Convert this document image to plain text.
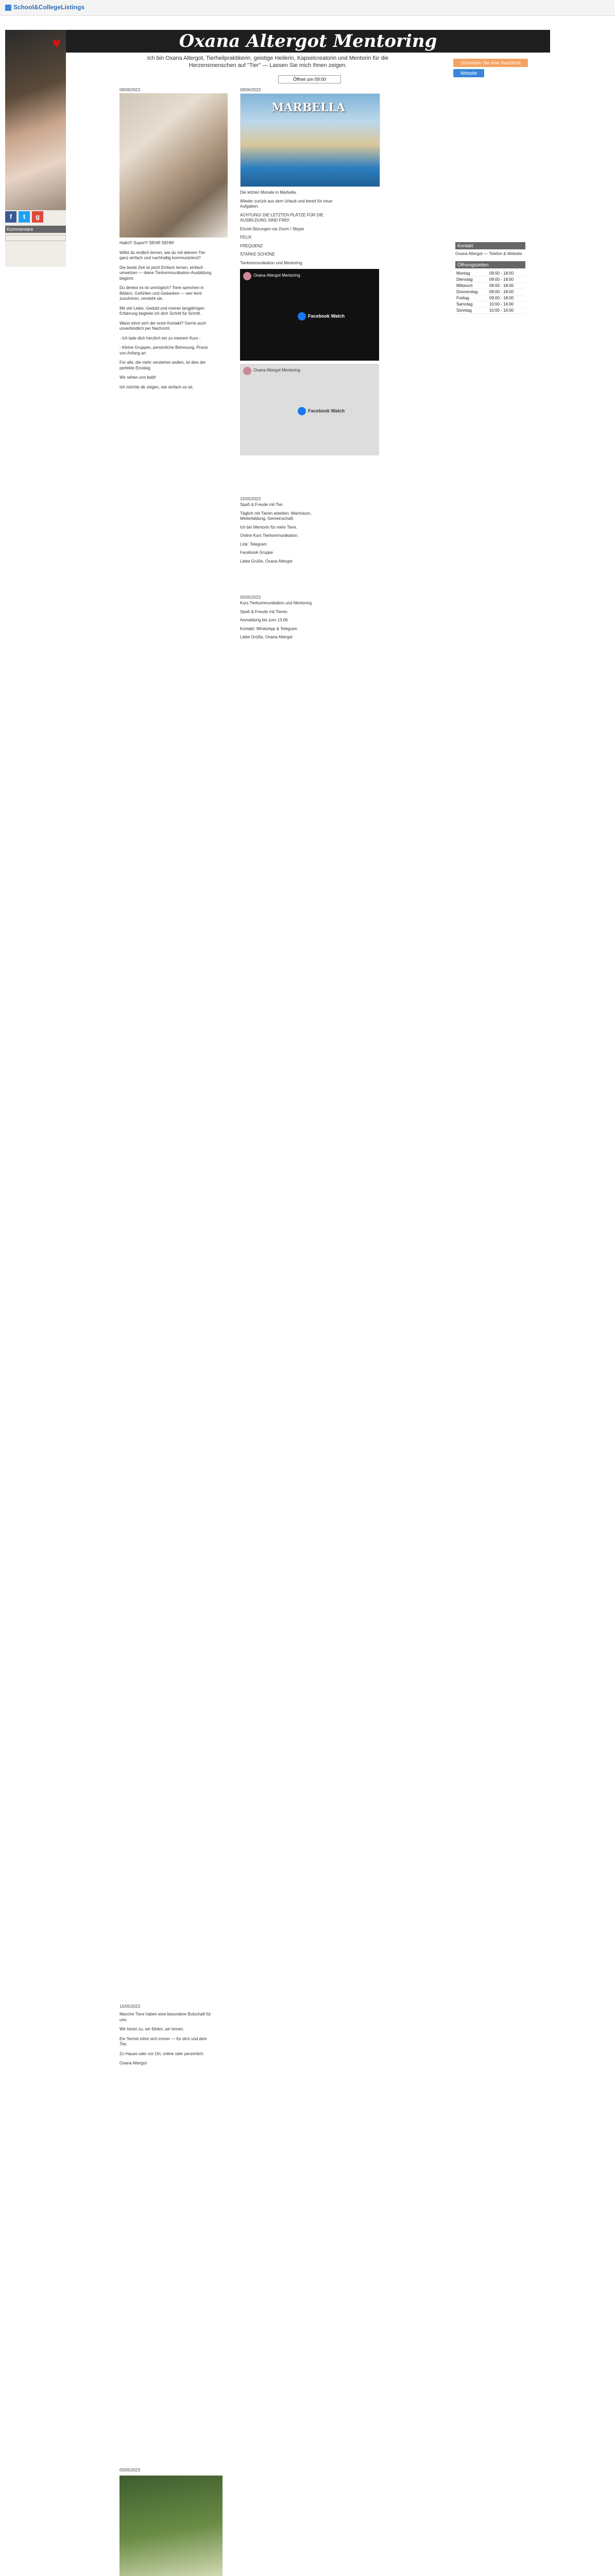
School&CollegeListings
♥
f t g
Kommentare
Oxana Altergot Mentoring
Ich bin Oxana Altergot, Tierheilpraktikerin, geistige Heilerin, Kapselcreatorin und Mentorin für die Herzensmenschen auf "Tier" — Lassen Sie mich Ihnen zeigen.	Schreiben Sie eine Nachricht
Website
Öffnet um 09:00
09/06/2023

Hallo!!! Super!!! SEHR SEHR!

Willst du endlich lernen, wie du mit deinem Tier ganz einfach und nachhaltig kommunizierst?

Die beste Zeit ist jetzt! Einfach lernen, einfach umsetzen — deine Tierkommunikation-Ausbildung beginnt.

Du denkst es ist unmöglich? Tiere sprechen in Bildern, Gefühlen und Gedanken — wer lernt zuzuhören, versteht sie.

Mit viel Liebe, Geduld und meiner langjährigen Erfahrung begleite ich dich Schritt für Schritt.

Wann lohnt sich der erste Kontakt? Gerne auch unverbindlich per Nachricht.

- Ich lade dich herzlich ein zu meinem Kurs -

- Kleine Gruppen, persönliche Betreuung, Praxis von Anfang an

Für alle, die mehr verstehen wollen, ist dies der perfekte Einstieg.

Wir sehen uns bald!

Ich möchte dir zeigen, wie einfach es ist.

15/05/2023

Manche Tiere haben eine besondere Botschaft für uns.

Wir hören zu, wir fühlen, wir lernen.

Ein Termin lohnt sich immer — für dich und dein Tier.

Zu Hause oder vor Ort, online oder persönlich.

Oxana Altergot

05/05/2023

09/06/2023
MARBELLA

Die letzten Monate in Marbella.

Wieder zurück aus dem Urlaub und bereit für neue Aufgaben.

ACHTUNG! DIE LETZTEN PLÄTZE FÜR DIE AUSBILDUNG SIND FREI!

Einzel-Sitzungen via Zoom / Skype

FELIX

FREQUENZ

STARKE SCHÖNE

Tierkommunikation und Mentoring

Oxana Altergot Mentoring
Facebook Watch
Oxana Altergot Mentoring
Facebook Watch
15/05/2023

Spaß & Freude mit Tier.

Täglich mit Tieren arbeiten: Wachstum, Weiterbildung, Gemeinschaft.

Ich bin Mentorin für mehr Tiere.

Online Kurs Tierkommunikation.

Link: Telegram

Facebook Gruppe

Liebe Grüße, Oxana Altergot

05/05/2023

Kurs Tierkommunikation und Mentoring

Spaß & Freude mit Tieren.

Anmeldung bis zum 13.06.

Kontakt: WhatsApp & Telegram

Liebe Grüße, Oxana Altergot

Kontakt
Oxana Altergot — Telefon & Website
Öffnungszeiten
Montag	09:00 - 18:00
Dienstag	09:00 - 18:00
Mittwoch	09:00 - 18:00
Donnerstag	09:00 - 18:00
Freitag	09:00 - 18:00
Samstag	10:00 - 16:00
Sonntag	10:00 - 16:00
